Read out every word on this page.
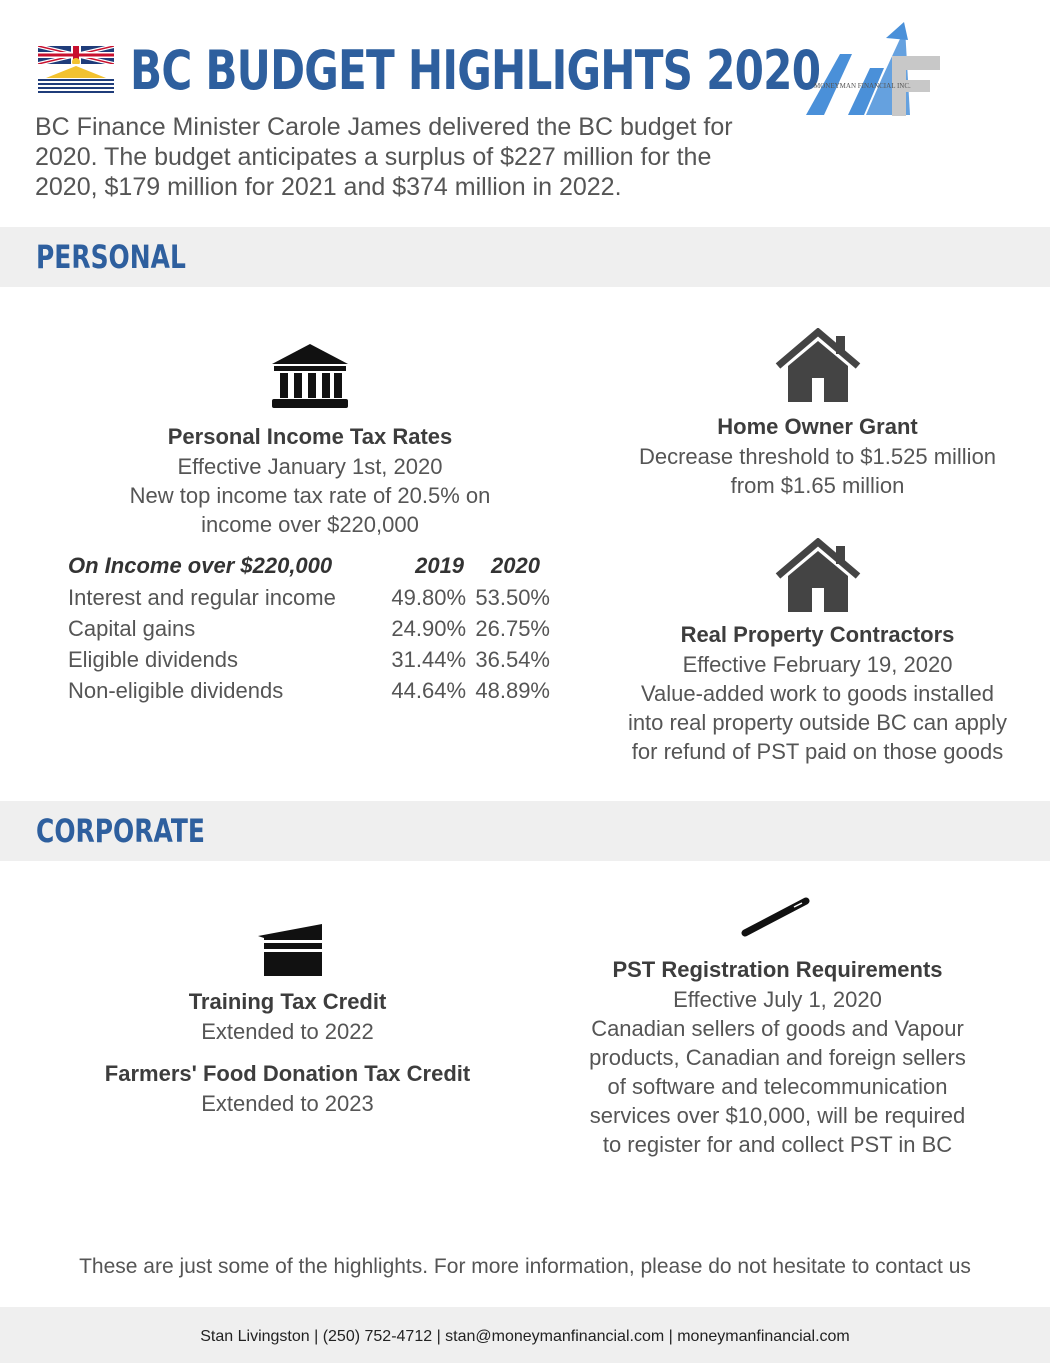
BC BUDGET HIGHLIGHTS 2020
MONEYMAN FINANCIAL INC.
BC Finance Minister Carole James delivered the BC budget for
2020. The budget anticipates a surplus of $227 million for the
2020, $179 million for 2021 and $374 million in 2022.
PERSONAL
Personal Income Tax Rates
Effective January 1st, 2020
New top income tax rate of 20.5% on
income over $220,000
On Income over $220,000	2019	2020
Interest and regular income	49.80%	53.50%
Capital gains	24.90%	26.75%
Eligible dividends	31.44%	36.54%
Non-eligible dividends	44.64%	48.89%
Home Owner Grant
Decrease threshold to $1.525 million
from $1.65 million
Real Property Contractors
Effective February 19, 2020
Value-added work to goods installed
into real property outside BC can apply
for refund of PST paid on those goods
CORPORATE
Training Tax Credit
Extended to 2022
Farmers' Food Donation Tax Credit
Extended to 2023
PST Registration Requirements
Effective July 1, 2020
Canadian sellers of goods and Vapour
products, Canadian and foreign sellers
of software and telecommunication
services over $10,000, will be required
to register for and collect PST in BC
These are just some of the highlights. For more information, please do not hesitate to contact us
Stan Livingston | (250) 752-4712 | stan@moneymanfinancial.com | moneymanfinancial.com
